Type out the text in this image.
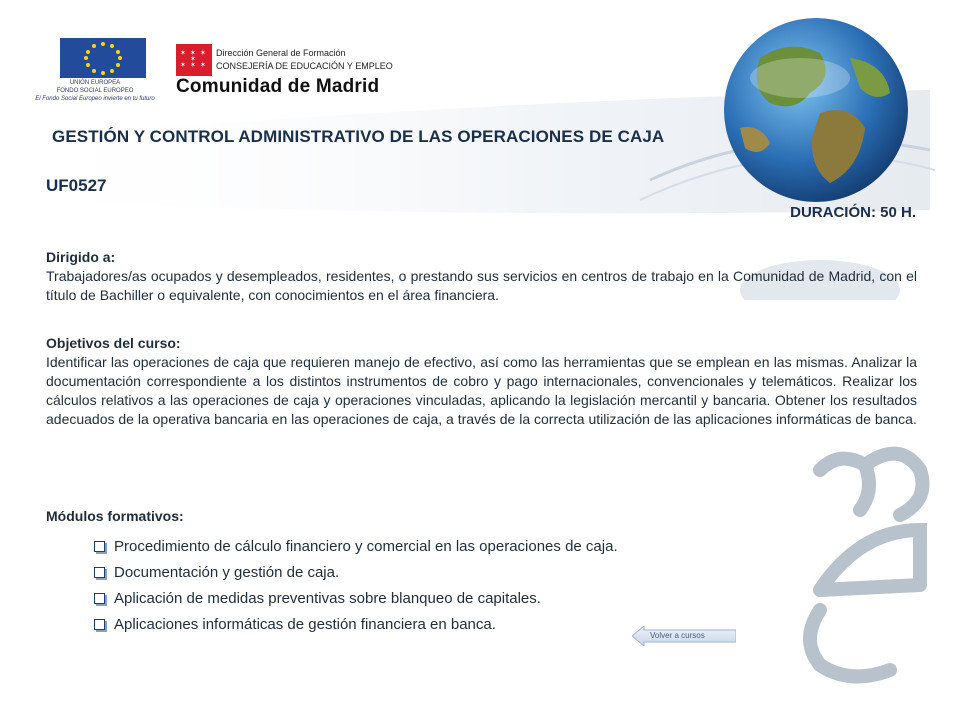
UNIÓN EUROPEA
FONDO SOCIAL EUROPEO
El Fondo Social Europeo invierte en tu futuro
✶ ✶ ✶
✶ ✶ ✶
✶
Dirección General de Formación
CONSEJERÍA DE EDUCACIÓN Y EMPLEO
Comunidad de Madrid
GESTIÓN Y CONTROL ADMINISTRATIVO DE LAS OPERACIONES DE CAJA
UF0527
DURACIÓN: 50 H.
Dirigido a:

Trabajadores/as ocupados y desempleados, residentes, o prestando sus servicios en centros de trabajo en la Comunidad de Madrid, con el título de Bachiller o equivalente, con conocimientos en el área financiera.

Objetivos del curso:

Identificar las operaciones de caja que requieren manejo de efectivo, así como las herramientas que se emplean en las mismas. Analizar la documentación correspondiente a los distintos instrumentos de cobro y pago internacionales, convencionales y telemáticos. Realizar los cálculos relativos a las operaciones de caja y operaciones vinculadas, aplicando la legislación mercantil y bancaria. Obtener los resultados adecuados de la operativa bancaria en las operaciones de caja, a través de la correcta utilización de las aplicaciones informáticas de banca.

Módulos formativos:
Procedimiento de cálculo financiero y comercial en las operaciones de caja.
Documentación y gestión de caja.
Aplicación de medidas preventivas sobre blanqueo de capitales.
Aplicaciones informáticas de gestión financiera en banca.
Volver a cursos
